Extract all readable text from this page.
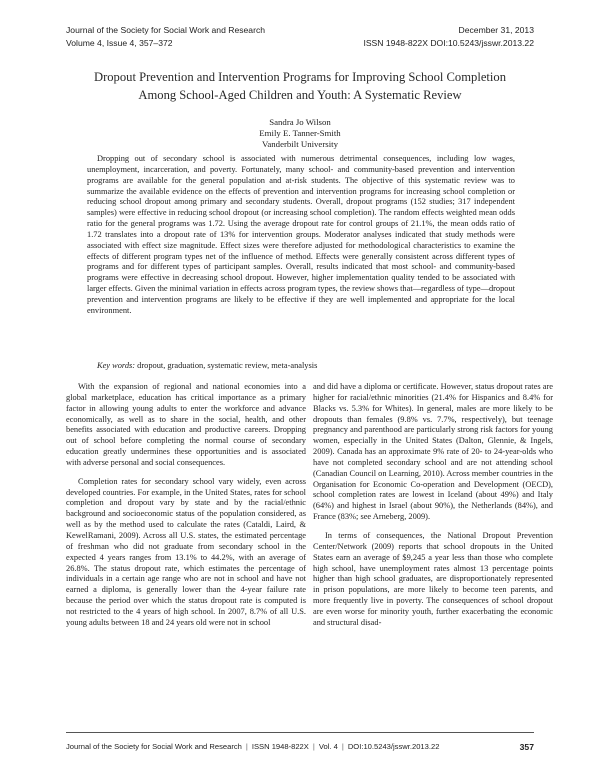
Journal of the Society for Social Work and Research
Volume 4, Issue 4, 357–372
December 31, 2013
ISSN 1948-822X DOI:10.5243/jsswr.2013.22
Dropout Prevention and Intervention Programs for Improving School Completion
Among School-Aged Children and Youth: A Systematic Review
Sandra Jo Wilson
Emily E. Tanner-Smith
Vanderbilt University

Dropping out of secondary school is associated with numerous detrimental consequences, including low wages, unemployment, incarceration, and poverty. Fortunately, many school- and community-based prevention and intervention programs are available for the general population and at-risk students. The objective of this systematic review was to summarize the available evidence on the effects of prevention and intervention programs for increasing school completion or reducing school dropout among primary and secondary students. Overall, dropout programs (152 studies; 317 independent samples) were effective in reducing school dropout (or increasing school completion). The random effects weighted mean odds ratio for the general programs was 1.72. Using the average dropout rate for control groups of 21.1%, the mean odds ratio of 1.72 translates into a dropout rate of 13% for intervention groups. Moderator analyses indicated that study methods were associated with effect size magnitude. Effect sizes were therefore adjusted for methodological characteristics to examine the effects of different program types net of the influence of method. Effects were generally consistent across different types of programs and for different types of participant samples. Overall, results indicated that most school- and community-based programs were effective in decreasing school dropout. However, higher implementation quality tended to be associated with larger effects. Given the minimal variation in effects across program types, the review shows that—regardless of type—dropout prevention and intervention programs are likely to be effective if they are well implemented and appropriate for the local environment.

Key words: dropout, graduation, systematic review, meta-analysis

With the expansion of regional and national economies into a global marketplace, education has critical importance as a primary factor in allowing young adults to enter the workforce and advance economically, as well as to share in the social, health, and other benefits associated with education and productive careers. Dropping out of school before completing the normal course of secondary education greatly undermines these opportunities and is associated with adverse personal and social consequences.

Completion rates for secondary school vary widely, even across developed countries. For example, in the United States, rates for school completion and dropout vary by state and by the racial/ethnic background and socioeconomic status of the population considered, as well as by the method used to calculate the rates (Cataldi, Laird, & KewelRamani, 2009). Across all U.S. states, the estimated percentage of freshman who did not graduate from secondary school in the expected 4 years ranges from 13.1% to 44.2%, with an average of 26.8%. The status dropout rate, which estimates the percentage of individuals in a certain age range who are not in school and have not earned a diploma, is generally lower than the 4-year failure rate because the period over which the status dropout rate is computed is not restricted to the 4 years of high school. In 2007, 8.7% of all U.S. young adults between 18 and 24 years old were not in school

and did have a diploma or certificate. However, status dropout rates are higher for racial/ethnic minorities (21.4% for Hispanics and 8.4% for Blacks vs. 5.3% for Whites). In general, males are more likely to be dropouts than females (9.8% vs. 7.7%, respectively), but teenage pregnancy and parenthood are particularly strong risk factors for young women, especially in the United States (Dalton, Glennie, & Ingels, 2009). Canada has an approximate 9% rate of 20- to 24-year-olds who have not completed secondary school and are not attending school (Canadian Council on Learning, 2010). Across member countries in the Organisation for Economic Co-operation and Development (OECD), school completion rates are lowest in Iceland (about 49%) and Italy (64%) and highest in Israel (about 90%), the Netherlands (84%), and France (83%; see Arneberg, 2009).

In terms of consequences, the National Dropout Prevention Center/Network (2009) reports that school dropouts in the United States earn an average of $9,245 a year less than those who complete high school, have unemployment rates almost 13 percentage points higher than high school graduates, are disproportionately represented in prison populations, are more likely to become teen parents, and more frequently live in poverty. The consequences of school dropout are even worse for minority youth, further exacerbating the economic and structural disad-

Journal of the Society for Social Work and Research | ISSN 1948-822X | Vol. 4 | DOI:10.5243/jsswr.2013.22	357
